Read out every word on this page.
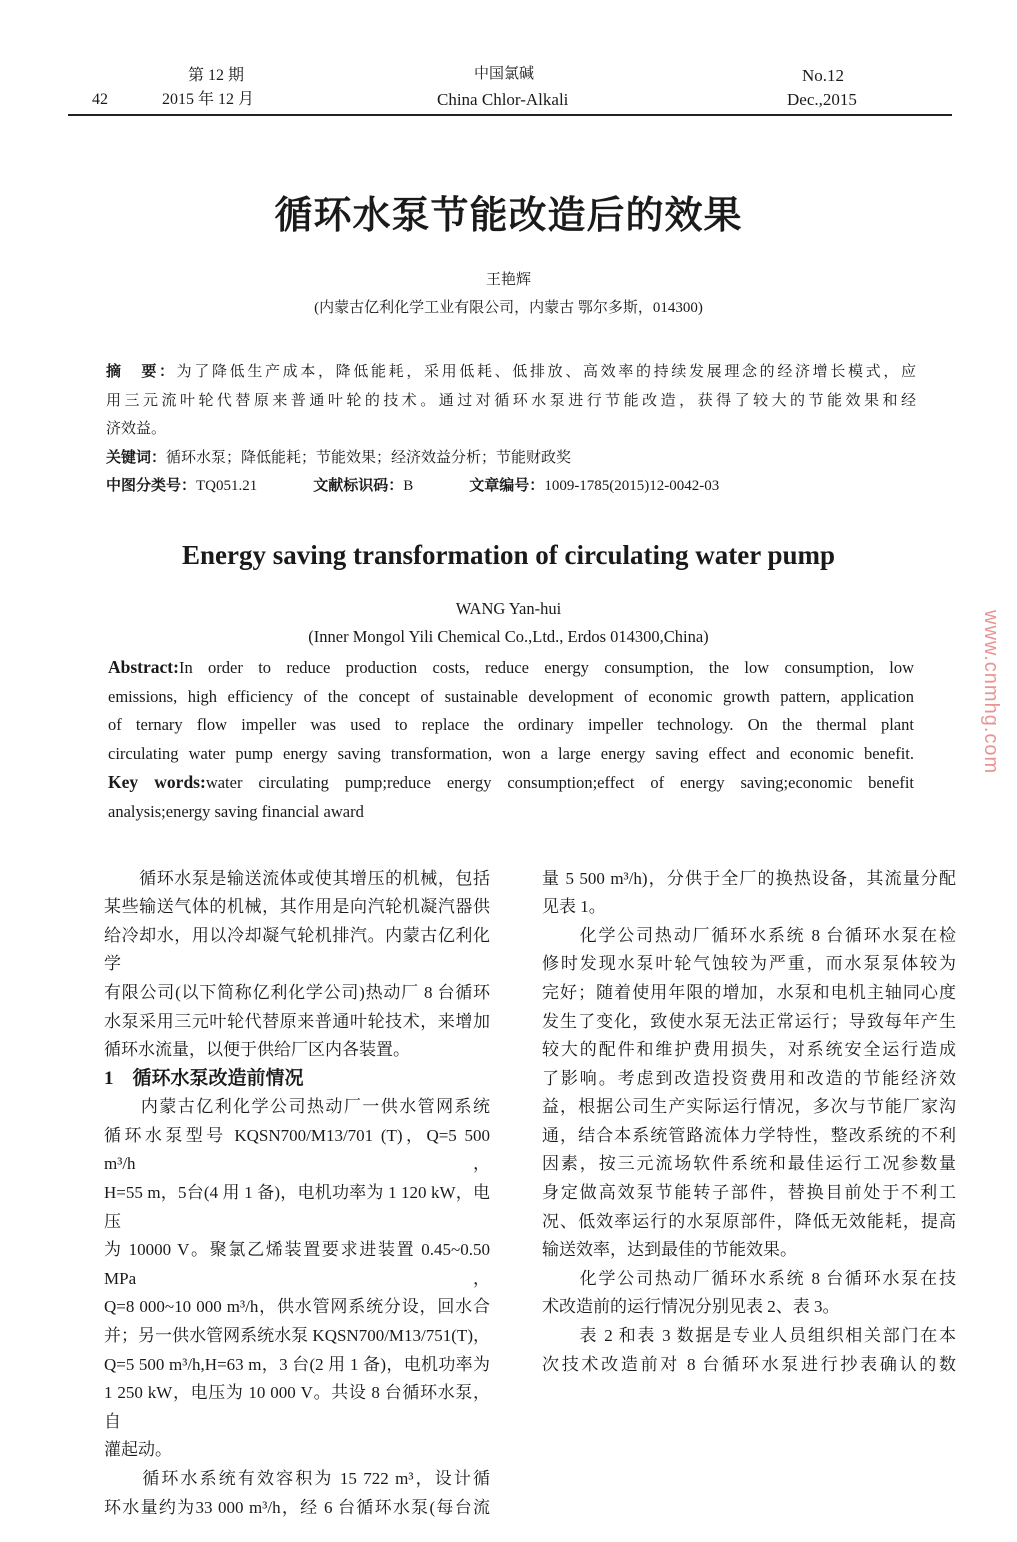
第 12 期
42	2015 年 12 月
中国氯碱
China Chlor-Alkali
No.12
Dec.,2015
循环水泵节能改造后的效果
王艳辉
(内蒙古亿利化学工业有限公司，内蒙古 鄂尔多斯，014300)
摘　要：为了降低生产成本，降低能耗，采用低耗、低排放、高效率的持续发展理念的经济增长模式，应
用三元流叶轮代替原来普通叶轮的技术。通过对循环水泵进行节能改造，获得了较大的节能效果和经
济效益。
关键词：循环水泵；降低能耗；节能效果；经济效益分析；节能财政奖
中图分类号：TQ051.21	文献标识码：B	文章编号：1009-1785(2015)12-0042-03
Energy saving transformation of circulating water pump
WANG Yan-hui
(Inner Mongol Yili Chemical Co.,Ltd., Erdos 014300,China)
Abstract:In order to reduce production costs, reduce energy consumption, the low consumption, low
emissions, high efficiency of the concept of sustainable development of economic growth pattern, application
of ternary flow impeller was used to replace the ordinary impeller technology. On the thermal plant
circulating water pump energy saving transformation, won a large energy saving effect and economic benefit.
Key words:water circulating pump;reduce energy consumption;effect of energy saving;economic benefit
analysis;energy saving financial award
www.cnmhg.com
　　循环水泵是输送流体或使其增压的机械，包括
某些输送气体的机械，其作用是向汽轮机凝汽器供
给冷却水，用以冷却凝气轮机排汽。内蒙古亿利化学
有限公司(以下简称亿利化学公司)热动厂 8 台循环
水泵采用三元叶轮代替原来普通叶轮技术，来增加
循环水流量，以便于供给厂区内各装置。
1　循环水泵改造前情况
　　内蒙古亿利化学公司热动厂一供水管网系统
循环水泵型号 KQSN700/M13/701 (T)，Q=5 500 m³/h，
H=55 m，5台(4 用 1 备)，电机功率为 1 120 kW，电压
为 10000 V。聚氯乙烯装置要求进装置 0.45~0.50 MPa，
Q=8 000~10 000 m³/h，供水管网系统分设，回水合
并；另一供水管网系统水泵 KQSN700/M13/751(T)，
Q=5 500 m³/h,H=63 m，3 台(2 用 1 备)，电机功率为
1 250 kW，电压为 10 000 V。共设 8 台循环水泵，自
灌起动。
　　循环水系统有效容积为 15 722 m³，设计循
环水量约为33 000 m³/h，经 6 台循环水泵(每台流
量 5 500 m³/h)，分供于全厂的换热设备，其流量分配
见表 1。
　　化学公司热动厂循环水系统 8 台循环水泵在检
修时发现水泵叶轮气蚀较为严重，而水泵泵体较为
完好；随着使用年限的增加，水泵和电机主轴同心度
发生了变化，致使水泵无法正常运行；导致每年产生
较大的配件和维护费用损失，对系统安全运行造成
了影响。考虑到改造投资费用和改造的节能经济效
益，根据公司生产实际运行情况，多次与节能厂家沟
通，结合本系统管路流体力学特性，整改系统的不利
因素，按三元流场软件系统和最佳运行工况参数量
身定做高效泵节能转子部件，替换目前处于不利工
况、低效率运行的水泵原部件，降低无效能耗，提高
输送效率，达到最佳的节能效果。
　　化学公司热动厂循环水系统 8 台循环水泵在技
术改造前的运行情况分别见表 2、表 3。
　　表 2 和表 3 数据是专业人员组织相关部门在本
次技术改造前对 8 台循环水泵进行抄表确认的数
